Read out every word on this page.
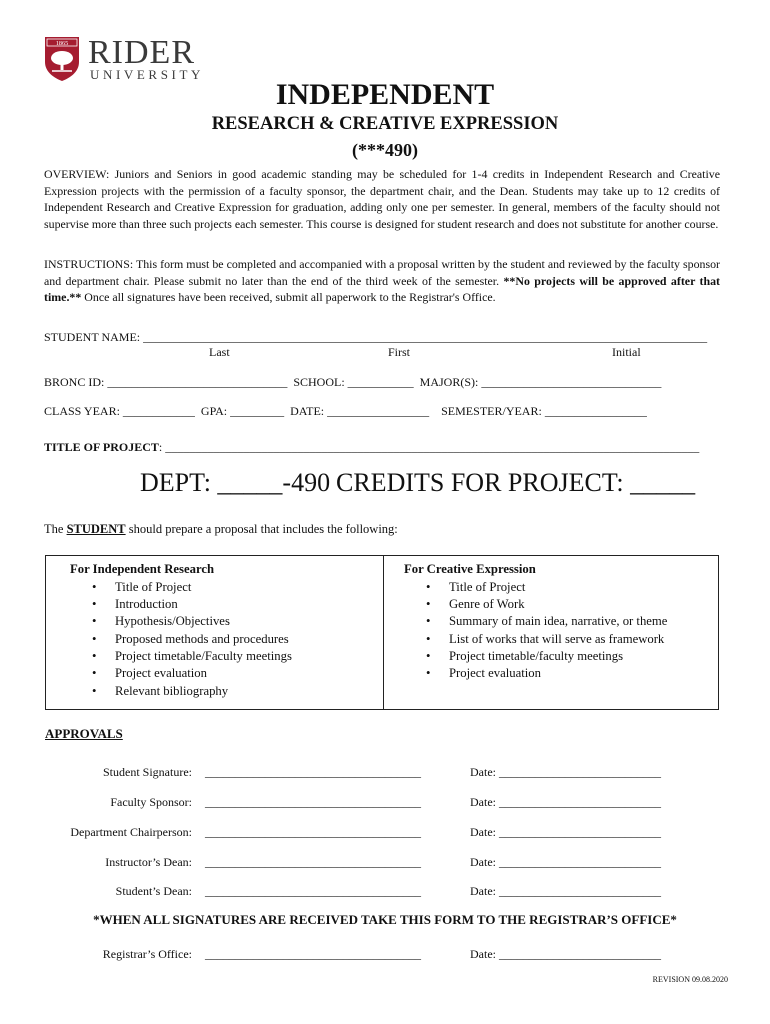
1865 RIDER
UNIVERSITY
INDEPENDENT
RESEARCH & CREATIVE EXPRESSION
(***490)
OVERVIEW: Juniors and Seniors in good academic standing may be scheduled for 1-4 credits in Independent Research and Creative Expression projects with the permission of a faculty sponsor, the department chair, and the Dean. Students may take up to 12 credits of Independent Research and Creative Expression for graduation, adding only one per semester. In general, members of the faculty should not supervise more than three such projects each semester. This course is designed for student research and does not substitute for another course.
INSTRUCTIONS: This form must be completed and accompanied with a proposal written by the student and reviewed by the faculty sponsor and department chair. Please submit no later than the end of the third week of the semester. **No projects will be approved after that time.** Once all signatures have been received, submit all paperwork to the Registrar's Office.
STUDENT NAME: ______________________________________________________________________________________________
Last	First	Initial
BRONC ID: ______________________________  SCHOOL: ___________  MAJOR(S): ______________________________
CLASS YEAR: ____________  GPA: _________  DATE: _________________    SEMESTER/YEAR: _________________
TITLE OF PROJECT: _________________________________________________________________________________________
DEPT: _____-490 CREDITS FOR PROJECT: _____
The STUDENT should prepare a proposal that includes the following:
For Independent Research
• Title of Project
• Introduction
• Hypothesis/Objectives
• Proposed methods and procedures
• Project timetable/Faculty meetings
• Project evaluation
• Relevant bibliography
For Creative Expression
• Title of Project
• Genre of Work
• Summary of main idea, narrative, or theme
• List of works that will serve as framework
• Project timetable/faculty meetings
• Project evaluation
APPROVALS
Student Signature: ____________________________________	Date: ___________________________
Faculty Sponsor: ____________________________________	Date: ___________________________
Department Chairperson: ____________________________________	Date: ___________________________
Instructor’s Dean: ____________________________________	Date: ___________________________
Student’s Dean: ____________________________________	Date: ___________________________
*WHEN ALL SIGNATURES ARE RECEIVED TAKE THIS FORM TO THE REGISTRAR’S OFFICE*
Registrar’s Office: ____________________________________	Date: ___________________________
REVISION 09.08.2020
